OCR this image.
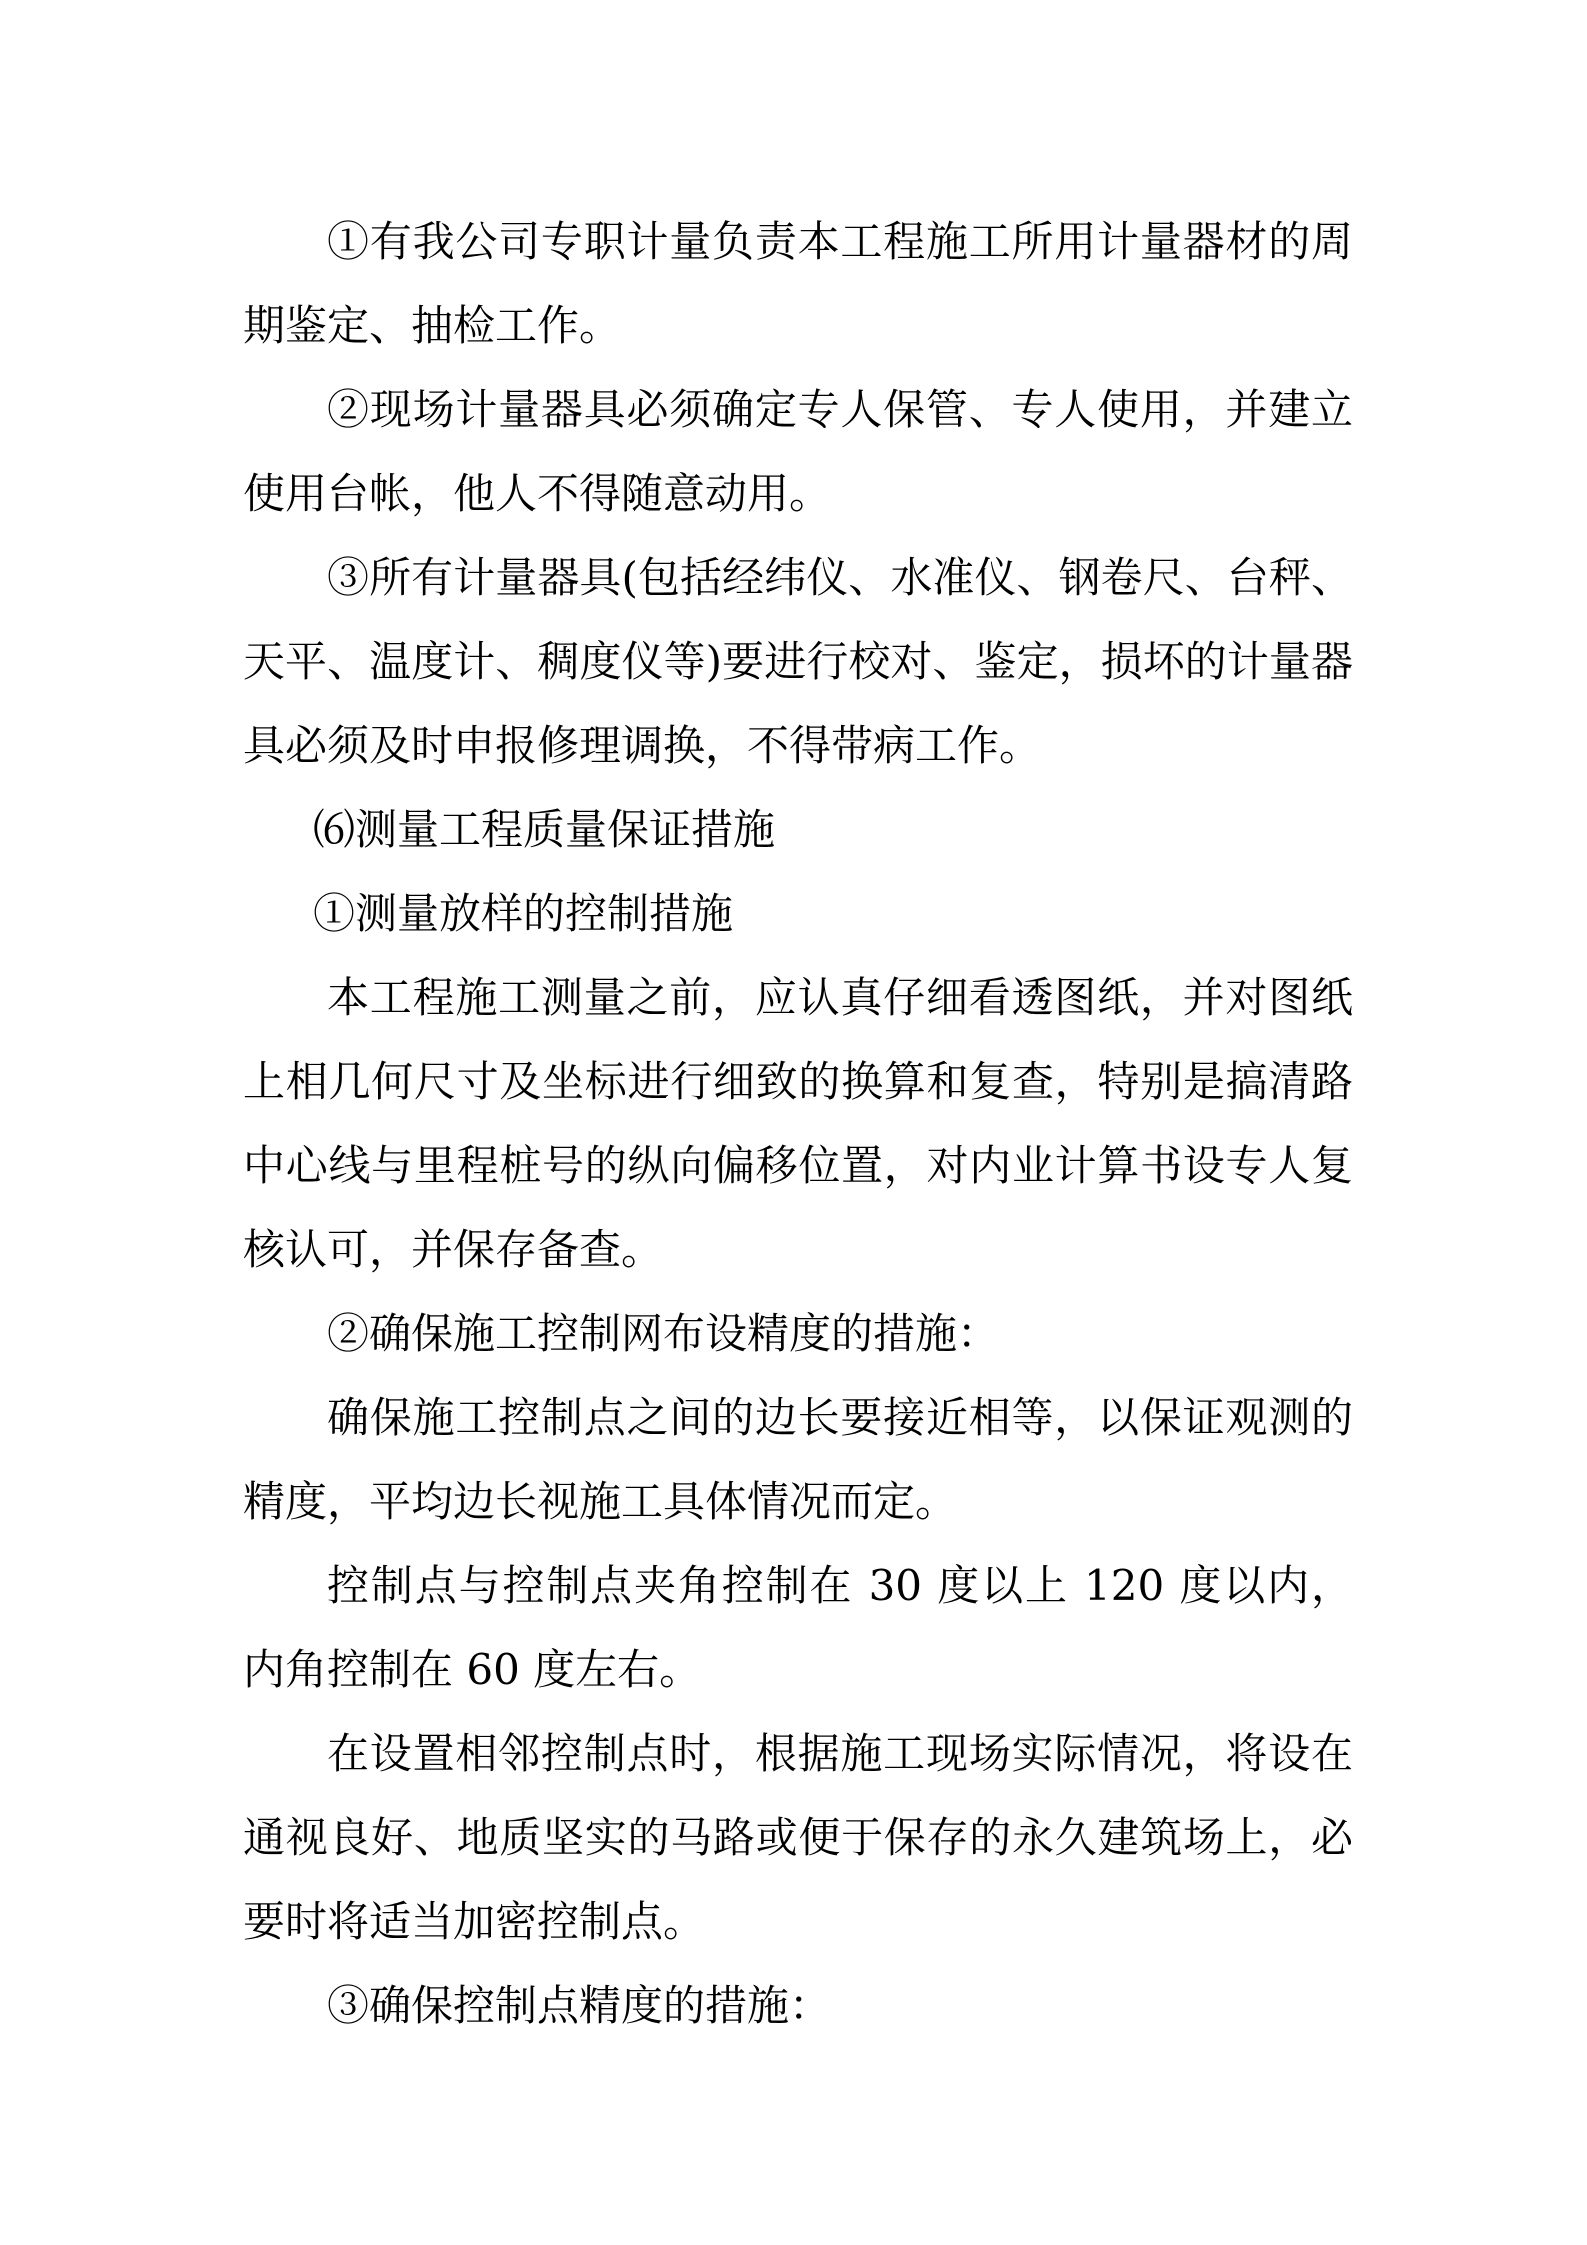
①有我公司专职计量负责本工程施工所用计量器材的周期鉴定、抽检工作。

②现场计量器具必须确定专人保管、专人使用，并建立使用台帐，他人不得随意动用。

③所有计量器具(包括经纬仪、水准仪、钢卷尺、台秤、天平、温度计、稠度仪等)要进行校对、鉴定，损坏的计量器具必须及时申报修理调换，不得带病工作。

⑹测量工程质量保证措施

①测量放样的控制措施

本工程施工测量之前，应认真仔细看透图纸，并对图纸上相几何尺寸及坐标进行细致的换算和复查，特别是搞清路中心线与里程桩号的纵向偏移位置，对内业计算书设专人复核认可，并保存备查。

②确保施工控制网布设精度的措施：

确保施工控制点之间的边长要接近相等，以保证观测的精度，平均边长视施工具体情况而定。

控制点与控制点夹角控制在 30 度以上 120 度以内，内角控制在 60 度左右。

在设置相邻控制点时，根据施工现场实际情况，将设在通视良好、地质坚实的马路或便于保存的永久建筑场上，必要时将适当加密控制点。

③确保控制点精度的措施：
